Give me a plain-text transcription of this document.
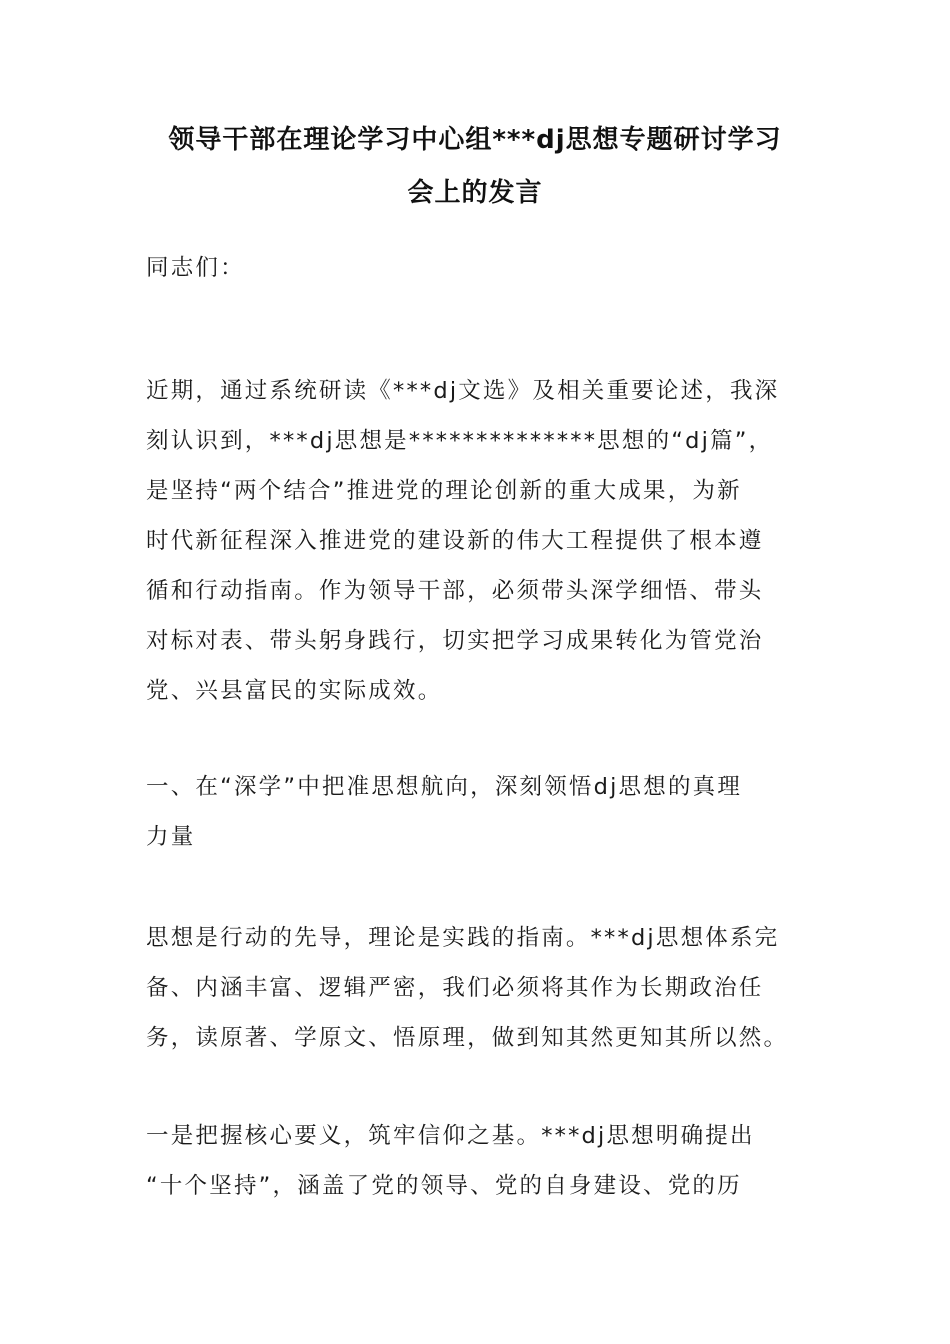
领导干部在理论学习中心组***dj思想专题研讨学习
会上的发言

同志们：

近期，通过系统研读《***dj文选》及相关重要论述，我深
刻认识到，***dj思想是**************思想的“dj篇”，
是坚持“两个结合”推进党的理论创新的重大成果，为新
时代新征程深入推进党的建设新的伟大工程提供了根本遵
循和行动指南。作为领导干部，必须带头深学细悟、带头
对标对表、带头躬身践行，切实把学习成果转化为管党治
党、兴县富民的实际成效。

一、在“深学”中把准思想航向，深刻领悟dj思想的真理
力量

思想是行动的先导，理论是实践的指南。***dj思想体系完
备、内涵丰富、逻辑严密，我们必须将其作为长期政治任
务，读原著、学原文、悟原理，做到知其然更知其所以然。

一是把握核心要义，筑牢信仰之基。***dj思想明确提出
“十个坚持”，涵盖了党的领导、党的自身建设、党的历
